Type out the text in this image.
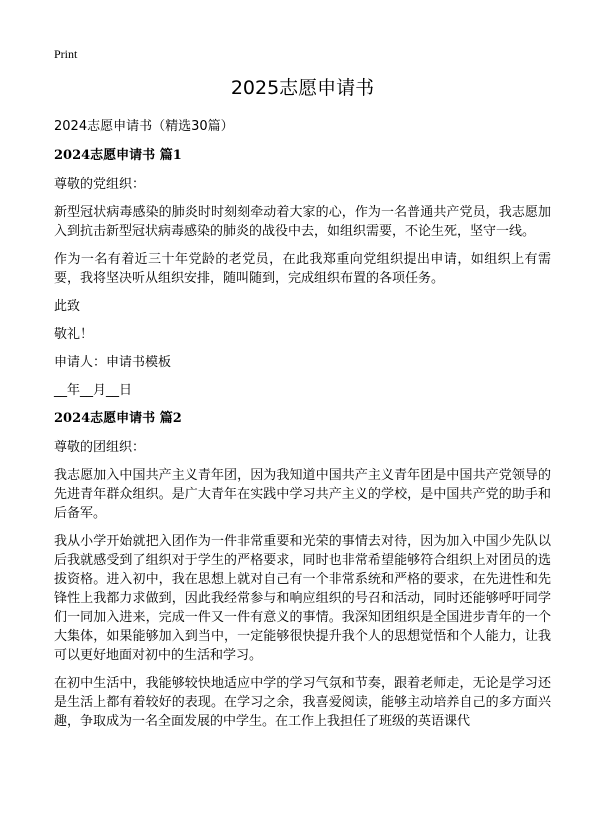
Print
2025志愿申请书
2024志愿申请书（精选30篇）
2024志愿申请书 篇1

尊敬的党组织：

新型冠状病毒感染的肺炎时时刻刻牵动着大家的心，作为一名普通共产党员，我志愿加入到抗击新型冠状病毒感染的肺炎的战役中去，如组织需要，不论生死，坚守一线。

作为一名有着近三十年党龄的老党员，在此我郑重向党组织提出申请，如组织上有需要，我将坚决听从组织安排，随叫随到，完成组织布置的各项任务。

此致

敬礼！

申请人：申请书模板

__年__月__日

2024志愿申请书 篇2

尊敬的团组织：

我志愿加入中国共产主义青年团，因为我知道中国共产主义青年团是中国共产党领导的先进青年群众组织。是广大青年在实践中学习共产主义的学校，是中国共产党的助手和后备军。

我从小学开始就把入团作为一件非常重要和光荣的事情去对待，因为加入中国少先队以后我就感受到了组织对于学生的严格要求，同时也非常希望能够符合组织上对团员的选拔资格。进入初中，我在思想上就对自己有一个非常系统和严格的要求，在先进性和先锋性上我都力求做到，因此我经常参与和响应组织的号召和活动，同时还能够呼吁同学们一同加入进来，完成一件又一件有意义的事情。我深知团组织是全国进步青年的一个大集体，如果能够加入到当中，一定能够很快提升我个人的思想觉悟和个人能力，让我可以更好地面对初中的生活和学习。

在初中生活中，我能够较快地适应中学的学习气氛和节奏，跟着老师走，无论是学习还是生活上都有着较好的表现。在学习之余，我喜爱阅读，能够主动培养自己的多方面兴趣，争取成为一名全面发展的中学生。在工作上我担任了班级的英语课代
